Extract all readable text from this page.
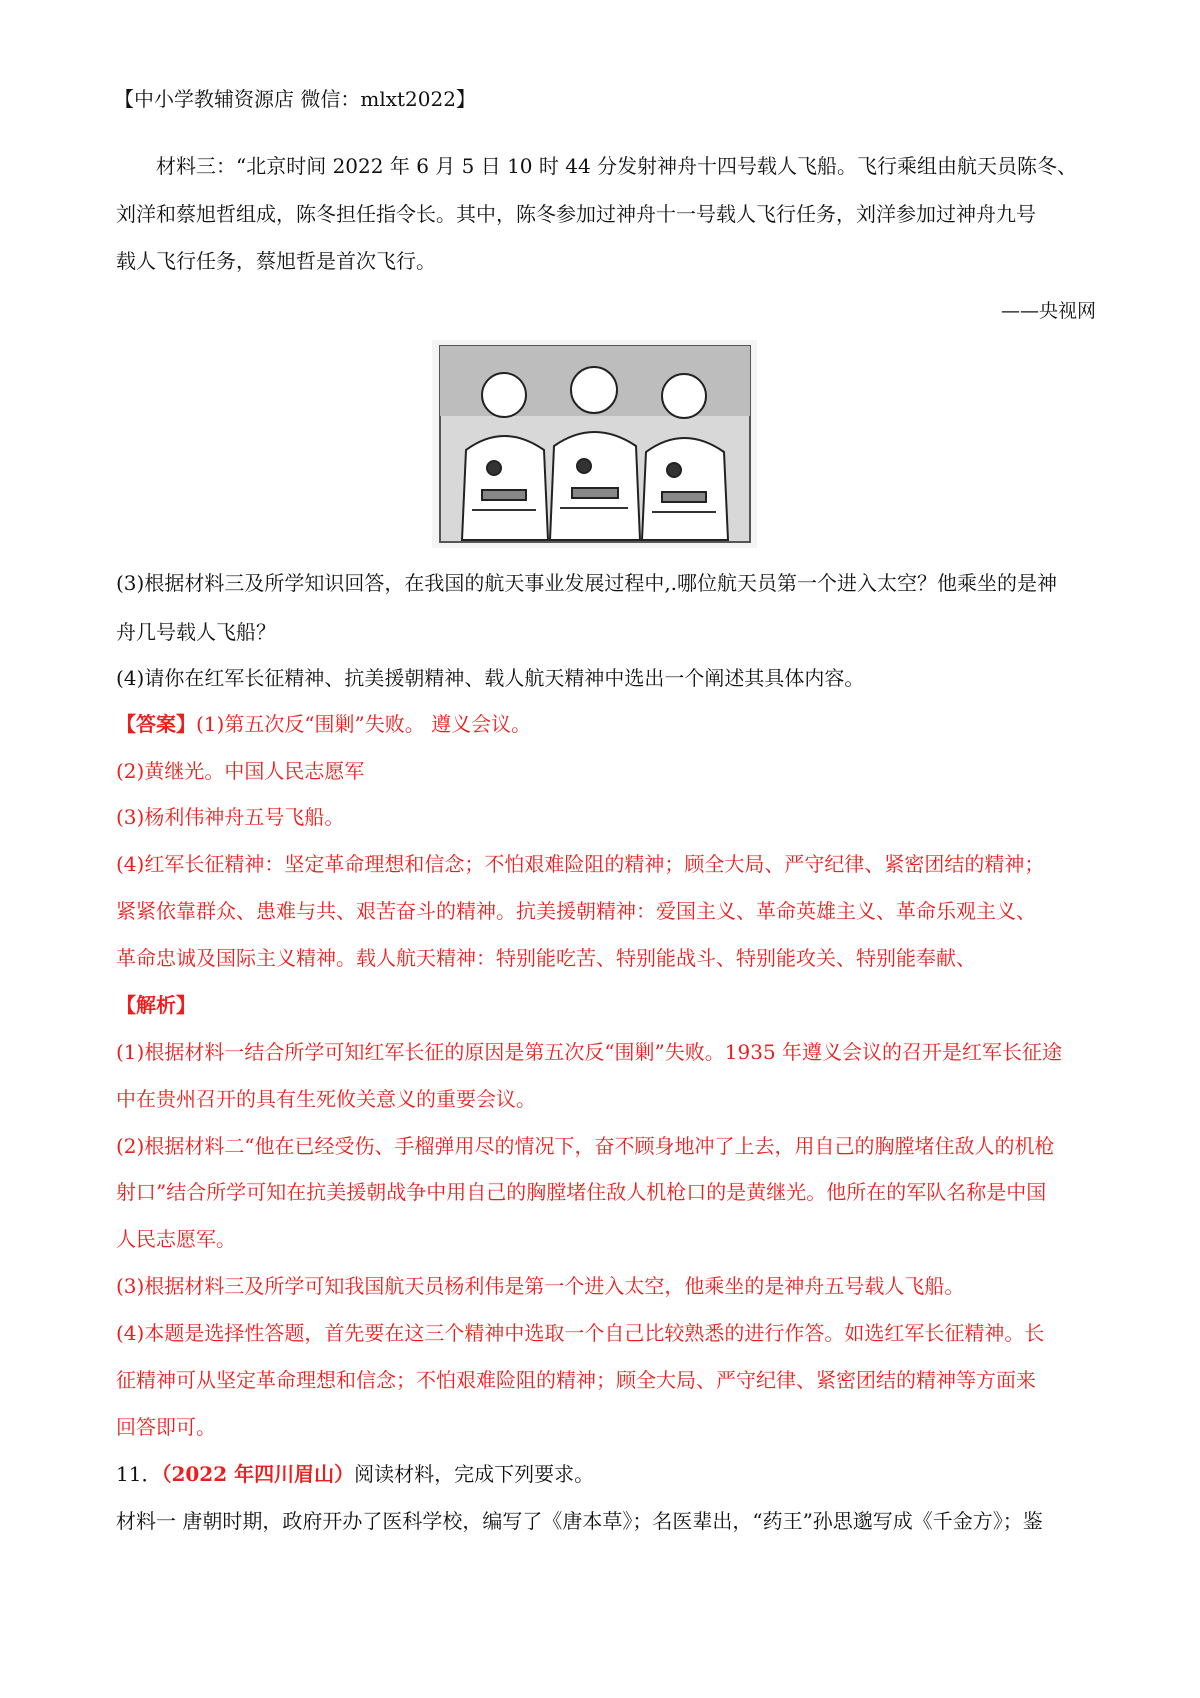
【中小学教辅资源店 微信：mlxt2022】
材料三：“北京时间 2022 年 6 月 5 日 10 时 44 分发射神舟十四号载人飞船。飞行乘组由航天员陈冬、
刘洋和蔡旭哲组成，陈冬担任指令长。其中，陈冬参加过神舟十一号载人飞行任务，刘洋参加过神舟九号
载人飞行任务，蔡旭哲是首次飞行。
——央视网
(3)根据材料三及所学知识回答，在我国的航天事业发展过程中,.哪位航天员第一个进入太空？他乘坐的是神
舟几号载人飞船？
(4)请你在红军长征精神、抗美援朝精神、载人航天精神中选出一个阐述其具体内容。
【答案】(1)第五次反“围剿”失败。 遵义会议。
(2)黄继光。中国人民志愿军
(3)杨利伟神舟五号飞船。
(4)红军长征精神：坚定革命理想和信念；不怕艰难险阻的精神；顾全大局、严守纪律、紧密团结的精神；
紧紧依靠群众、患难与共、艰苦奋斗的精神。抗美援朝精神：爱国主义、革命英雄主义、革命乐观主义、
革命忠诚及国际主义精神。载人航天精神：特别能吃苦、特别能战斗、特别能攻关、特别能奉献、
【解析】
(1)根据材料一结合所学可知红军长征的原因是第五次反“围剿”失败。1935 年遵义会议的召开是红军长征途
中在贵州召开的具有生死攸关意义的重要会议。
(2)根据材料二“他在已经受伤、手榴弹用尽的情况下，奋不顾身地冲了上去，用自己的胸膛堵住敌人的机枪
射口”结合所学可知在抗美援朝战争中用自己的胸膛堵住敌人机枪口的是黄继光。他所在的军队名称是中国
人民志愿军。
(3)根据材料三及所学可知我国航天员杨利伟是第一个进入太空，他乘坐的是神舟五号载人飞船。
(4)本题是选择性答题，首先要在这三个精神中选取一个自己比较熟悉的进行作答。如选红军长征精神。长
征精神可从坚定革命理想和信念；不怕艰难险阻的精神；顾全大局、严守纪律、紧密团结的精神等方面来
回答即可。
11．（2022 年四川眉山）阅读材料，完成下列要求。
材料一 唐朝时期，政府开办了医科学校，编写了《唐本草》；名医辈出，“药王”孙思邈写成《千金方》；鉴
